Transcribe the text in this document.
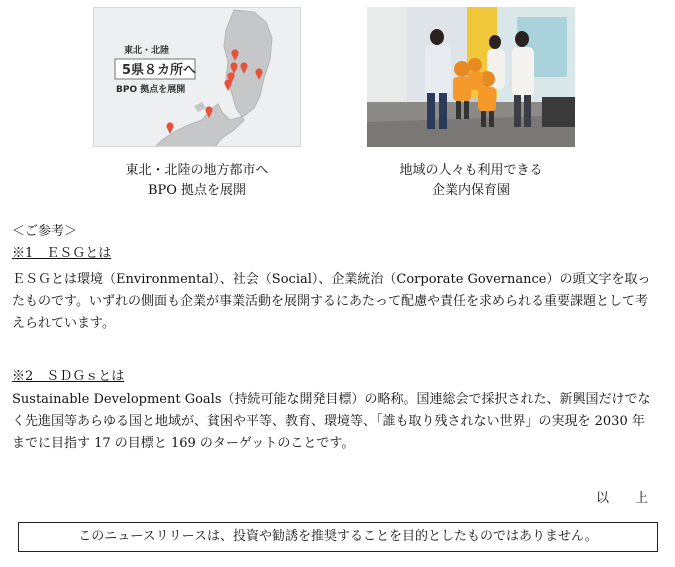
東北・北陸
5県８カ所へ
BPO 拠点を展開
東北・北陸の地方都市へ
BPO 拠点を展開
地域の人々も利用できる
企業内保育園
＜ご参考＞
※1　ＥＳＧとは
ＥＳＧとは環境（Environmental）、社会（Social）、企業統治（Corporate Governance）の頭文字を取ったものです。いずれの側面も企業が事業活動を展開するにあたって配慮や責任を求められる重要課題として考えられています。
※2　ＳＤＧｓとは
Sustainable Development Goals（持続可能な開発目標）の略称。国連総会で採択された、新興国だけでなく先進国等あらゆる国と地域が、貧困や平等、教育、環境等、「誰も取り残されない世界」の実現を 2030 年までに目指す 17 の目標と 169 のターゲットのことです。
以　　上
このニュースリリースは、投資や勧誘を推奨することを目的としたものではありません。
